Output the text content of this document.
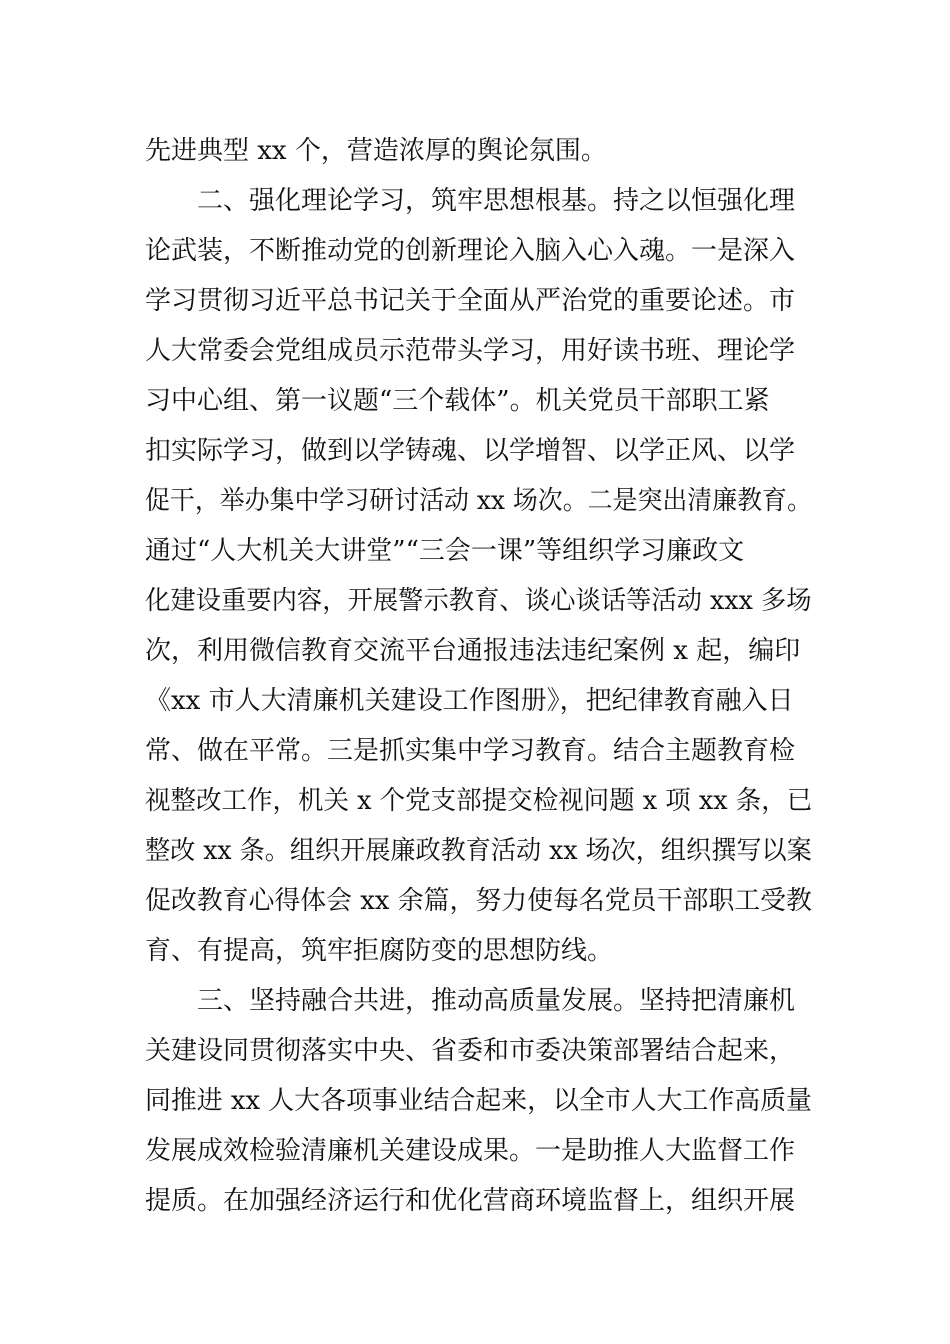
先进典型 xx 个，营造浓厚的舆论氛围。
二、强化理论学习，筑牢思想根基。持之以恒强化理
论武装，不断推动党的创新理论入脑入心入魂。一是深入
学习贯彻习近平总书记关于全面从严治党的重要论述。市
人大常委会党组成员示范带头学习，用好读书班、理论学
习中心组、第一议题“三个载体”。机关党员干部职工紧
扣实际学习，做到以学铸魂、以学增智、以学正风、以学
促干，举办集中学习研讨活动 xx 场次。二是突出清廉教育。
通过“人大机关大讲堂”“三会一课”等组织学习廉政文
化建设重要内容，开展警示教育、谈心谈话等活动 xxx 多场
次，利用微信教育交流平台通报违法违纪案例 x 起，编印
《xx 市人大清廉机关建设工作图册》，把纪律教育融入日
常、做在平常。三是抓实集中学习教育。结合主题教育检
视整改工作，机关 x 个党支部提交检视问题 x 项 xx 条，已
整改 xx 条。组织开展廉政教育活动 xx 场次，组织撰写以案
促改教育心得体会 xx 余篇，努力使每名党员干部职工受教
育、有提高，筑牢拒腐防变的思想防线。
三、坚持融合共进，推动高质量发展。坚持把清廉机
关建设同贯彻落实中央、省委和市委决策部署结合起来，
同推进 xx 人大各项事业结合起来，以全市人大工作高质量
发展成效检验清廉机关建设成果。一是助推人大监督工作
提质。在加强经济运行和优化营商环境监督上，组织开展
